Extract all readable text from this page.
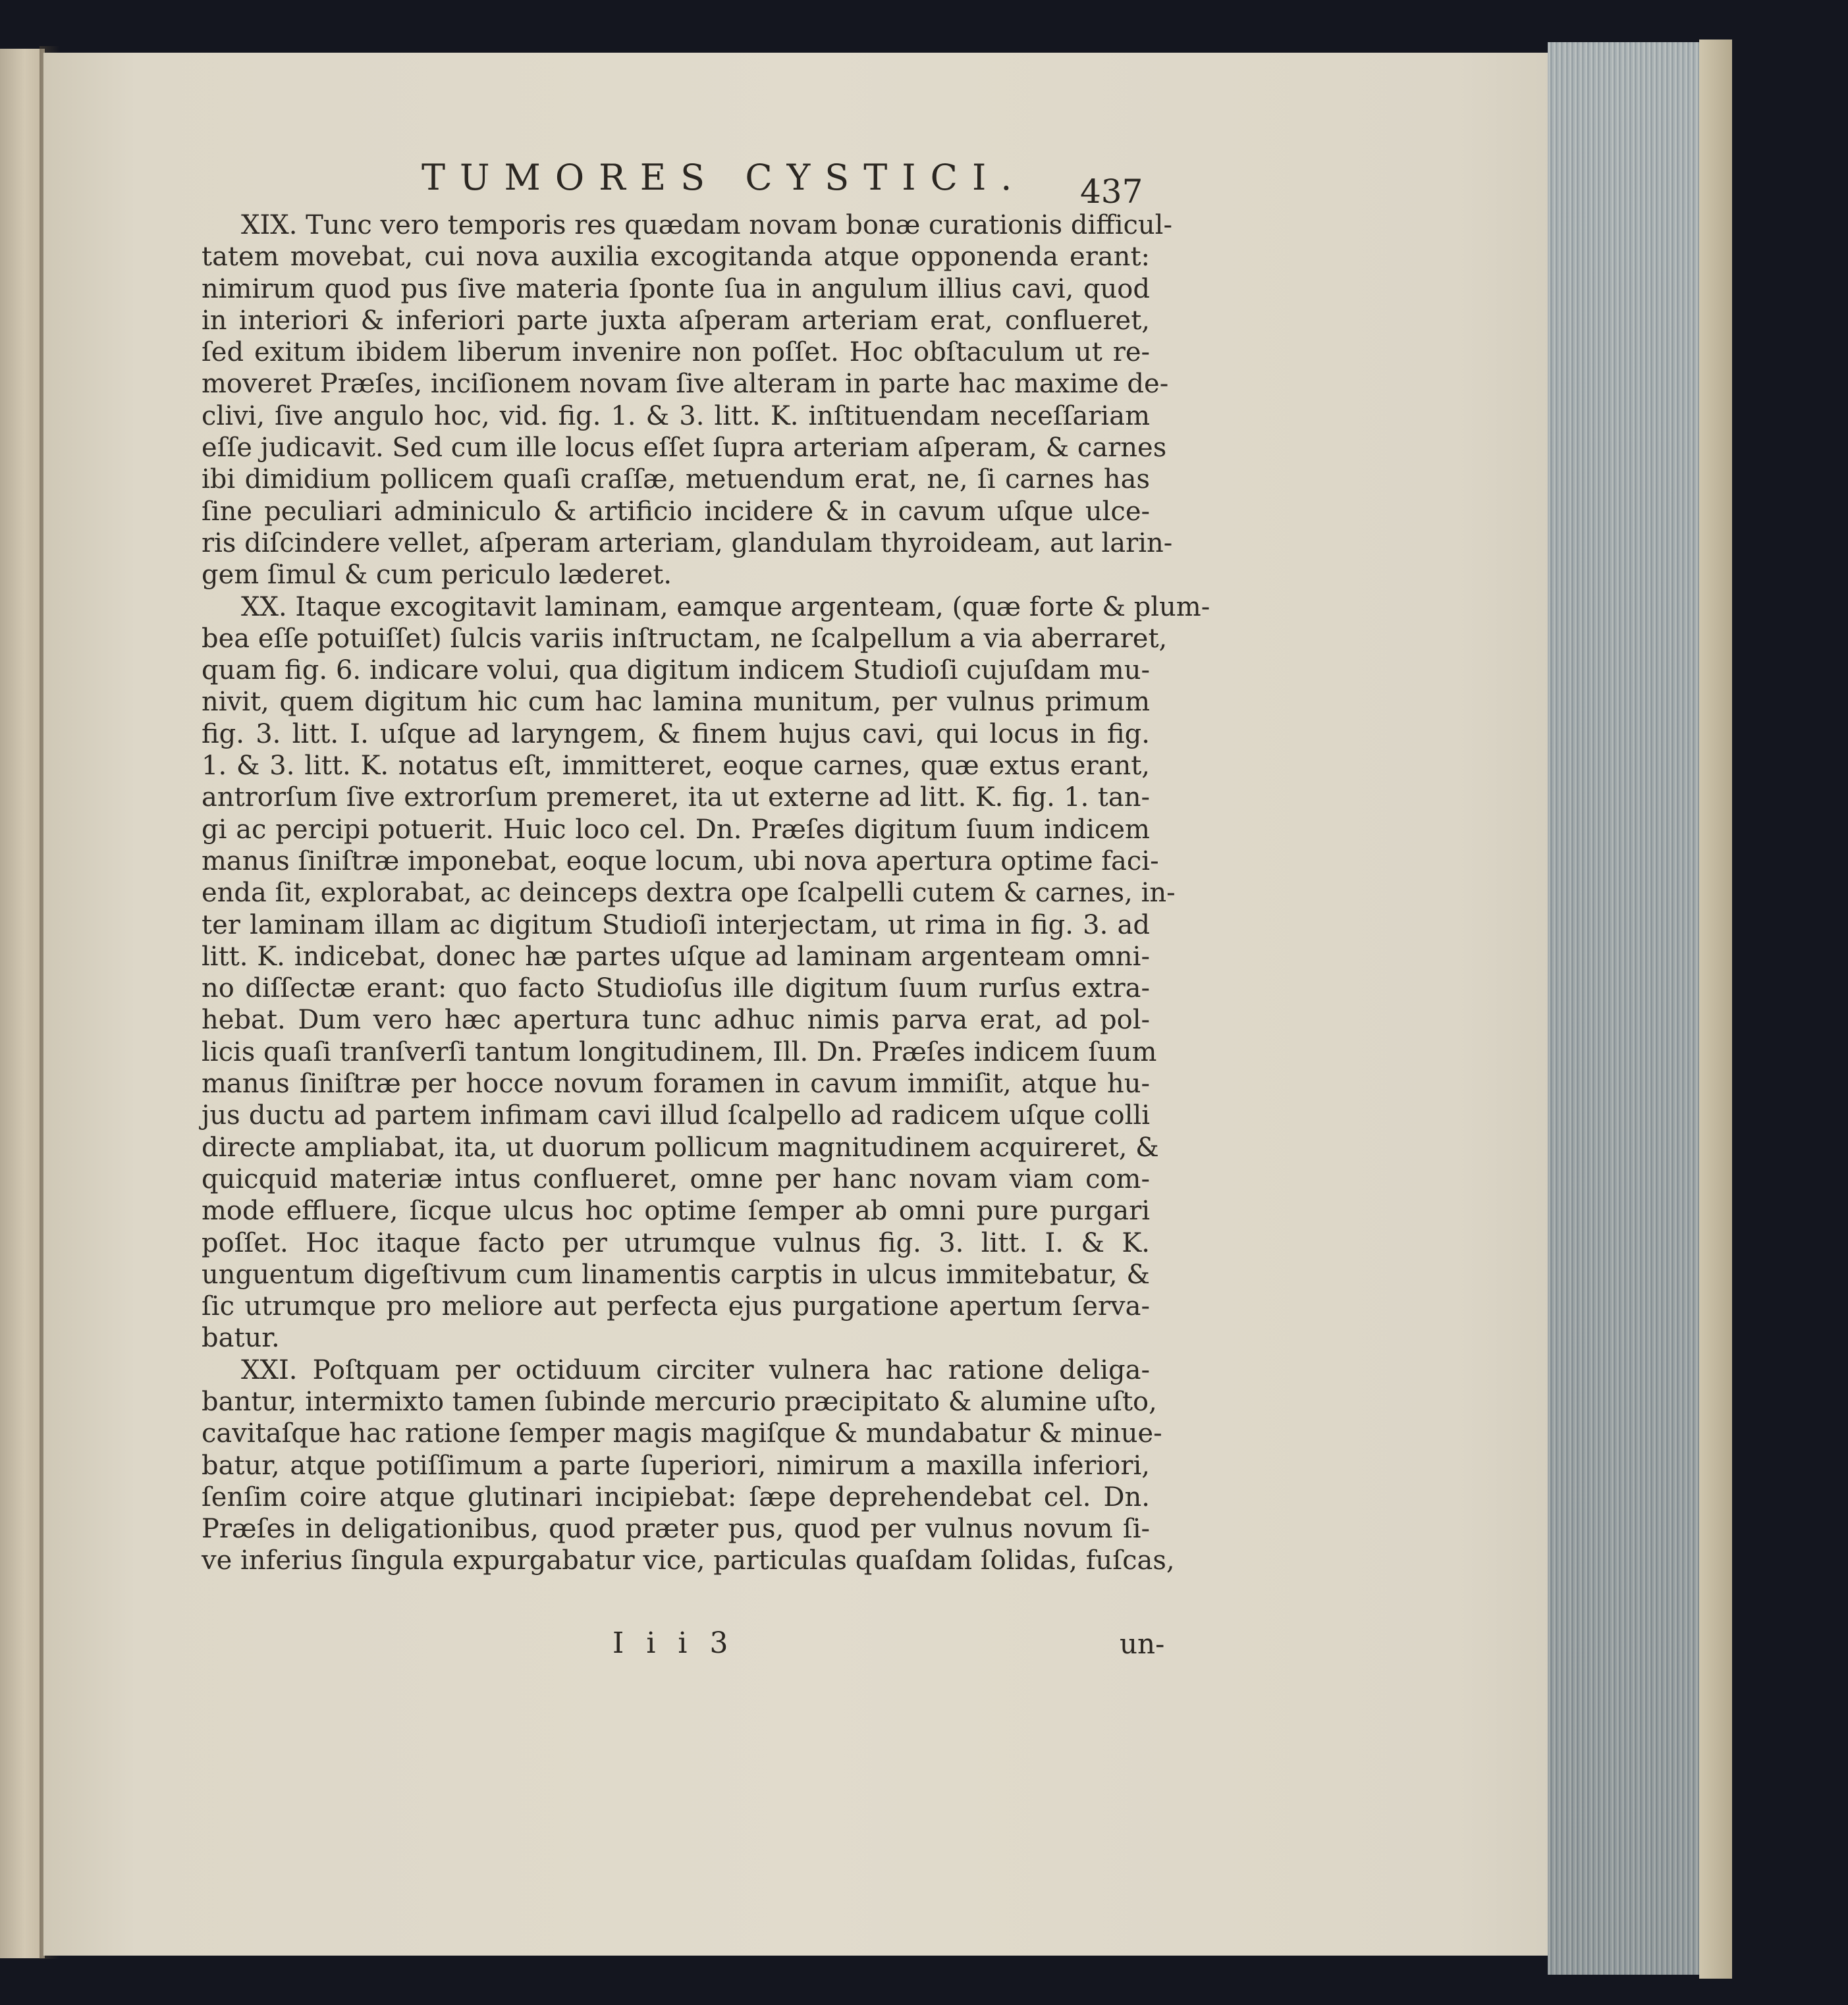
TUMORES CYSTICI.	437
XIX. Tunc vero temporis res quædam novam bonæ curationis difficul-
tatem movebat, cui nova auxilia excogitanda atque opponenda erant:
nimirum quod pus ſive materia ſponte ſua in angulum illius cavi, quod
in interiori & inferiori parte juxta aſperam arteriam erat, conflueret,
ſed exitum ibidem liberum invenire non poſſet. Hoc obſtaculum ut re-
moveret Præſes, inciſionem novam ſive alteram in parte hac maxime de-
clivi, ſive angulo hoc, vid. fig. 1. & 3. litt. K. inſtituendam neceſſariam
eſſe judicavit. Sed cum ille locus eſſet ſupra arteriam aſperam, & carnes
ibi dimidium pollicem quaſi craſſæ, metuendum erat, ne, ſi carnes has
ſine peculiari adminiculo & artificio incidere & in cavum uſque ulce-
ris diſcindere vellet, aſperam arteriam, glandulam thyroideam, aut larin-
gem ſimul & cum periculo læderet.
XX. Itaque excogitavit laminam, eamque argenteam, (quæ forte & plum-
bea eſſe potuiſſet) ſulcis variis inſtructam, ne ſcalpellum a via aberraret,
quam fig. 6. indicare volui, qua digitum indicem Studioſi cujuſdam mu-
nivit, quem digitum hic cum hac lamina munitum, per vulnus primum
fig. 3. litt. I. uſque ad laryngem, & finem hujus cavi, qui locus in fig.
1. & 3. litt. K. notatus eſt, immitteret, eoque carnes, quæ extus erant,
antrorſum ſive extrorſum premeret, ita ut externe ad litt. K. fig. 1. tan-
gi ac percipi potuerit. Huic loco cel. Dn. Præſes digitum ſuum indicem
manus ſiniſtræ imponebat, eoque locum, ubi nova apertura optime faci-
enda ſit, explorabat, ac deinceps dextra ope ſcalpelli cutem & carnes, in-
ter laminam illam ac digitum Studioſi interjectam, ut rima in fig. 3. ad
litt. K. indicebat, donec hæ partes uſque ad laminam argenteam omni-
no diſſectæ erant: quo facto Studioſus ille digitum ſuum rurſus extra-
hebat. Dum vero hæc apertura tunc adhuc nimis parva erat, ad pol-
licis quaſi tranſverſi tantum longitudinem, Ill. Dn. Præſes indicem ſuum
manus ſiniſtræ per hocce novum foramen in cavum immiſit, atque hu-
jus ductu ad partem infimam cavi illud ſcalpello ad radicem uſque colli
directe ampliabat, ita, ut duorum pollicum magnitudinem acquireret, &
quicquid materiæ intus conflueret, omne per hanc novam viam com-
mode effluere, ſicque ulcus hoc optime ſemper ab omni pure purgari
poſſet. Hoc itaque facto per utrumque vulnus fig. 3. litt. I. & K.
unguentum digeſtivum cum linamentis carptis in ulcus immitebatur, &
ſic utrumque pro meliore aut perfecta ejus purgatione apertum ſerva-
batur.
XXI. Poſtquam per octiduum circiter vulnera hac ratione deliga-
bantur, intermixto tamen ſubinde mercurio præcipitato & alumine uſto,
cavitaſque hac ratione ſemper magis magiſque & mundabatur & minue-
batur, atque potiſſimum a parte ſuperiori, nimirum a maxilla inferiori,
ſenſim coire atque glutinari incipiebat: ſæpe deprehendebat cel. Dn.
Præſes in deligationibus, quod præter pus, quod per vulnus novum ſi-
ve inferius ſingula expurgabatur vice, particulas quaſdam ſolidas, fuſcas,
I i i 3	un-
